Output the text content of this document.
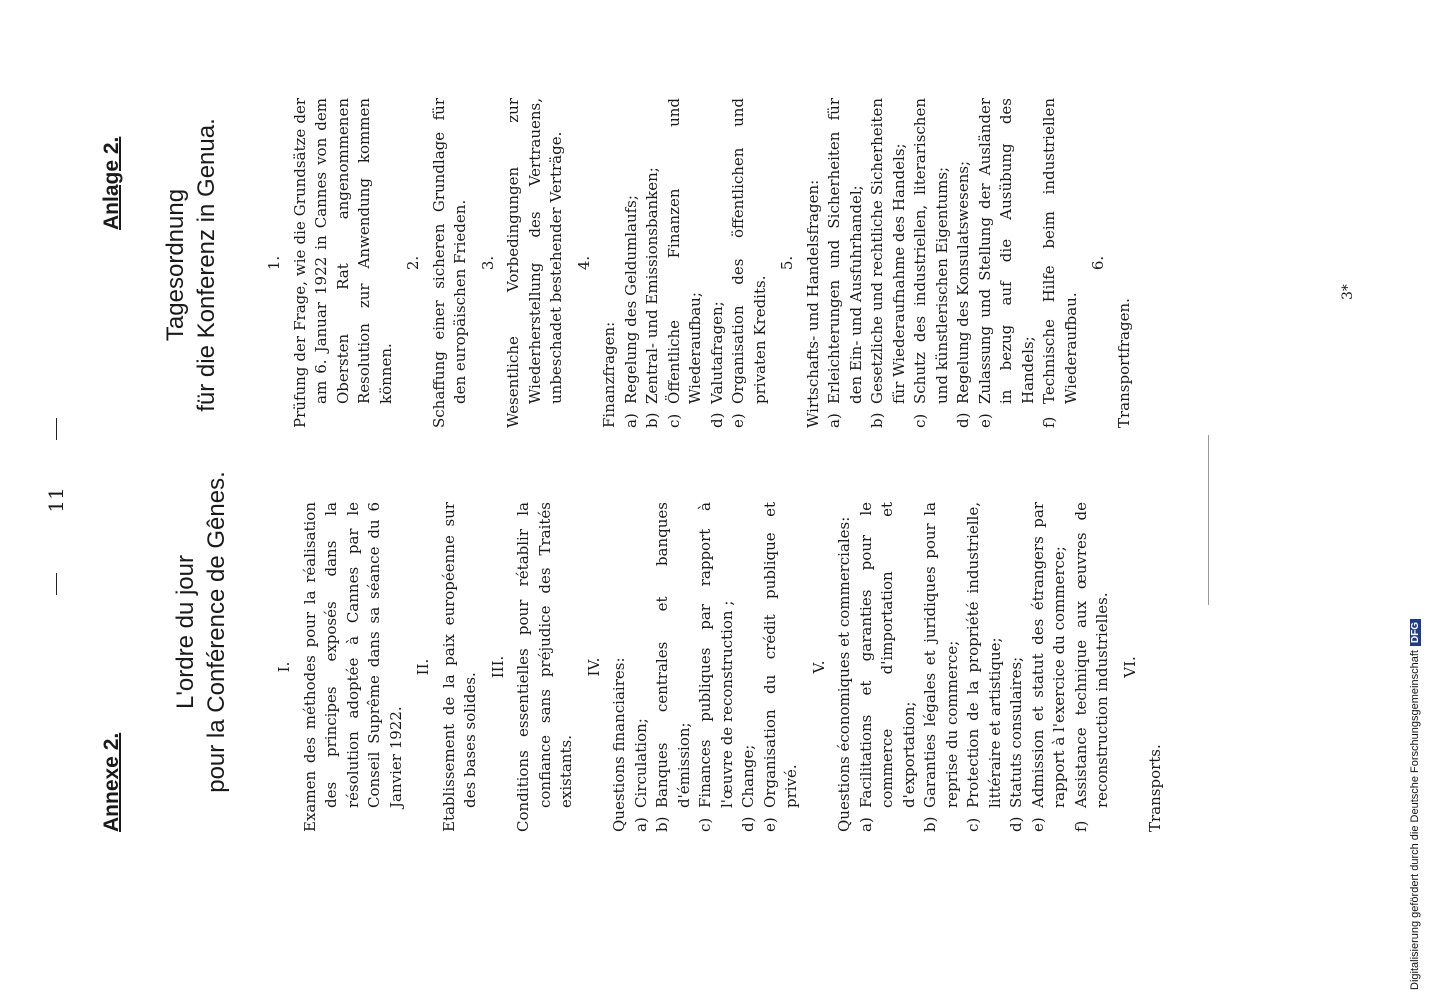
11
Annexe 2.
L'ordre du jour pour la Conférence de Gênes.	I. Examen des méthodes pour la réalisation des principes exposés dans la résolution adoptée à Cannes par le Conseil Suprême dans sa séance du 6 Janvier 1922.

II. Etablissement de la paix européenne sur des bases solides.

III. Conditions essentielles pour rétablir la confiance sans préjudice des Traités existants.

IV. Questions financiaires: a)
Circulation;
b)
Banques centrales et banques d'émission;
c)
Finances publiques par rapport à l'œuvre de reconstruction ;
d)
Change;
e)
Organisation du crédit publique et privé.

V. Questions économiques et commerciales: a)
Facilitations et garanties pour le commerce d'importation et d'exportation;
b)
Garanties légales et juridiques pour la reprise du commerce;
c)
Protection de la propriété industrielle, littéraire et artistique;
d)
Statuts consulaires;
e)
Admission et statut des étrangers par rapport à l'exercice du commerce;
f)
Assistance technique aux œuvres de reconstruction industrielles. VI.

Transports.

Anlage 2.
Tagesordnung für die Konferenz in Genua.	1. Prüfung der Frage, wie die Grundsätze der am 6. Januar 1922 in Cannes von dem Obersten Rat angenommenen Resolution zur Anwendung kommen können.

2. Schaffung einer sicheren Grundlage für den europäischen Frieden. 3. Wesentliche Vorbedingungen zur Wiederherstellung des Vertrauens, unbeschadet bestehender Verträge. 4.

Finanzfragen: a)
Regelung des Geldumlaufs;
b)
Zentral- und Emissionsbanken;
c)
Öffentliche Finanzen und Wiederaufbau;
d)
Valutafragen;
e)
Organisation des öffentlichen und privaten Kredits.

5. Wirtschafts- und Handelsfragen: a)
Erleichterungen und Sicherheiten für den Ein- und Ausfuhrhandel;
b)
Gesetzliche und rechtliche Sicherheiten für Wiederaufnahme des Handels;
c)
Schutz des industriellen, literarischen und künstlerischen Eigentums;
d)
Regelung des Konsulatswesens;
e)
Zulassung und Stellung der Ausländer in bezug auf die Ausübung des Handels;
f)
Technische Hilfe beim industriellen Wiederaufbau.

6.

Transportfragen.

3*
Digitalisierung gefördert durch die Deutsche ForschungsgemeinschaftDFG
